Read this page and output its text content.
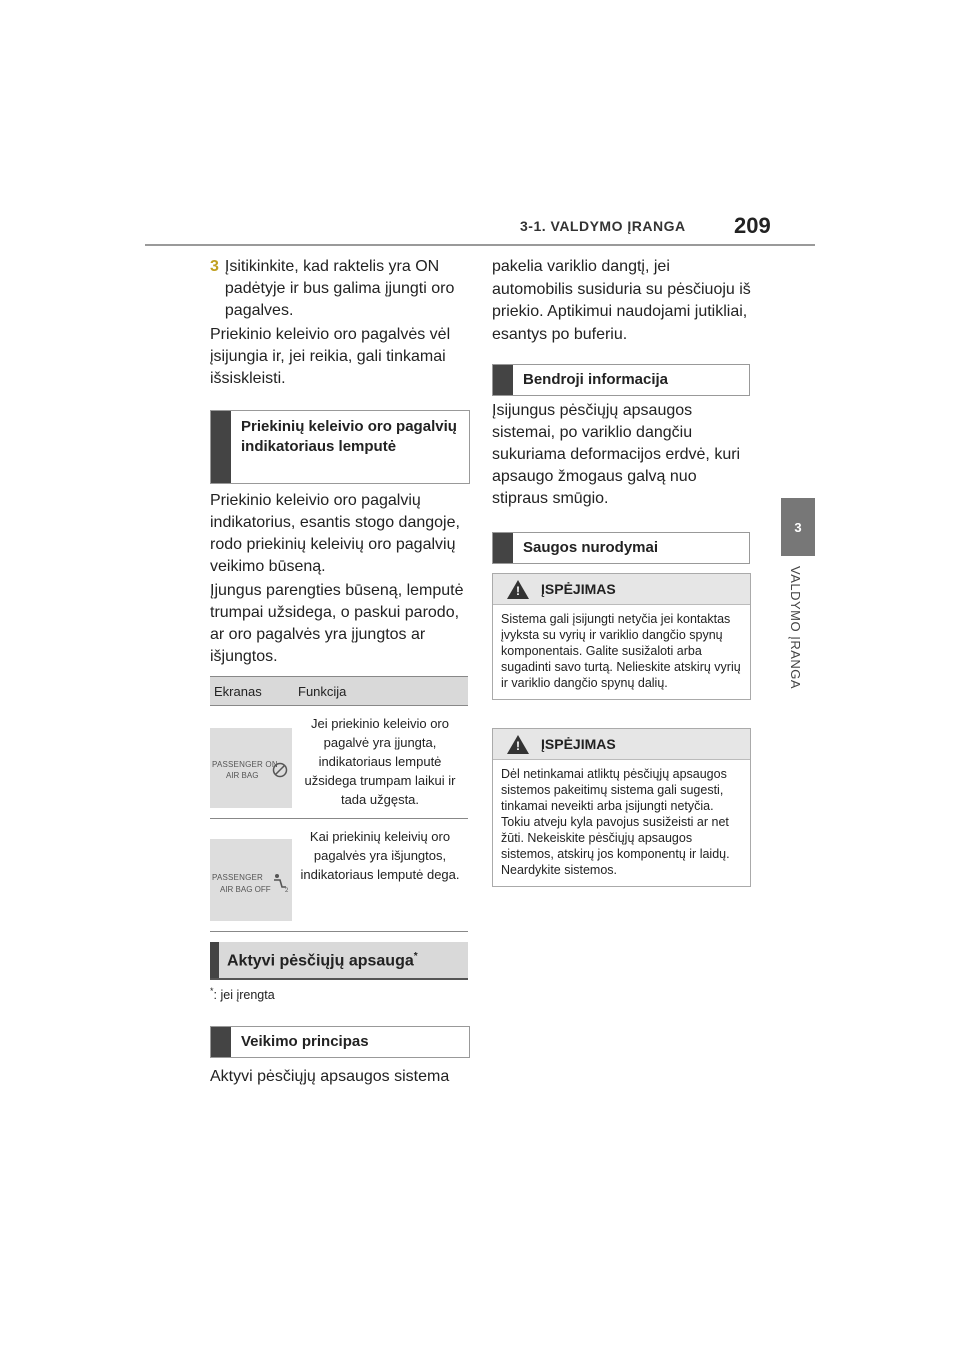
3-1. VALDYMO ĮRANGA 209
3
VALDYMO ĮRANGA
3 Įsitikinkite, kad raktelis yra ON padėtyje ir bus galima įjungti oro pagalves.
Priekinio keleivio oro pagalvės vėl įsijungia ir, jei reikia, gali tinkamai išsiskleisti.
Priekinių keleivio oro pagalvių indikatoriaus lemputė
Priekinio keleivio oro pagalvių indikatorius, esantis stogo dangoje, rodo priekinių keleivių oro pagalvių veikimo būseną.
Įjungus parengties būseną, lemputė trumpai užsidega, o paskui parodo, ar oro pagalvės yra įjungtos ar išjungtos.
Ekranas	Funkcija
PASSENGER ON
AIR BAG
Jei priekinio keleivio oro pagalvė yra įjungta, indikatoriaus lemputė užsidega trumpam laikui ir tada užgęsta.
PASSENGER
AIR BAG OFF 2
Kai priekinių keleivių oro pagalvės yra išjungtos, indikatoriaus lemputė dega.
Aktyvi pėsčiųjų apsauga*
*: jei įrengta
Veikimo principas
Aktyvi pėsčiųjų apsaugos sistema
pakelia variklio dangtį, jei automobilis susiduria su pėsčiuoju iš priekio. Aptikimui naudojami jutikliai, esantys po buferiu.
Bendroji informacija
Įsijungus pėsčiųjų apsaugos sistemai, po variklio dangčiu sukuriama deformacijos erdvė, kuri apsaugo žmogaus galvą nuo stipraus smūgio.
Saugos nurodymai
! ĮSPĖJIMAS
Sistema gali įsijungti netyčia jei kontaktas įvyksta su vyrių ir variklio dangčio spynų komponentais. Galite susižaloti arba sugadinti savo turtą. Nelieskite atskirų vyrių ir variklio dangčio spynų dalių.
! ĮSPĖJIMAS
Dėl netinkamai atliktų pėsčiųjų apsaugos sistemos pakeitimų sistema gali sugesti, tinkamai neveikti arba įsijungti netyčia. Tokiu atveju kyla pavojus susižeisti ar net žūti. Nekeiskite pėsčiųjų apsaugos sistemos, atskirų jos komponentų ir laidų. Neardykite sistemos.
